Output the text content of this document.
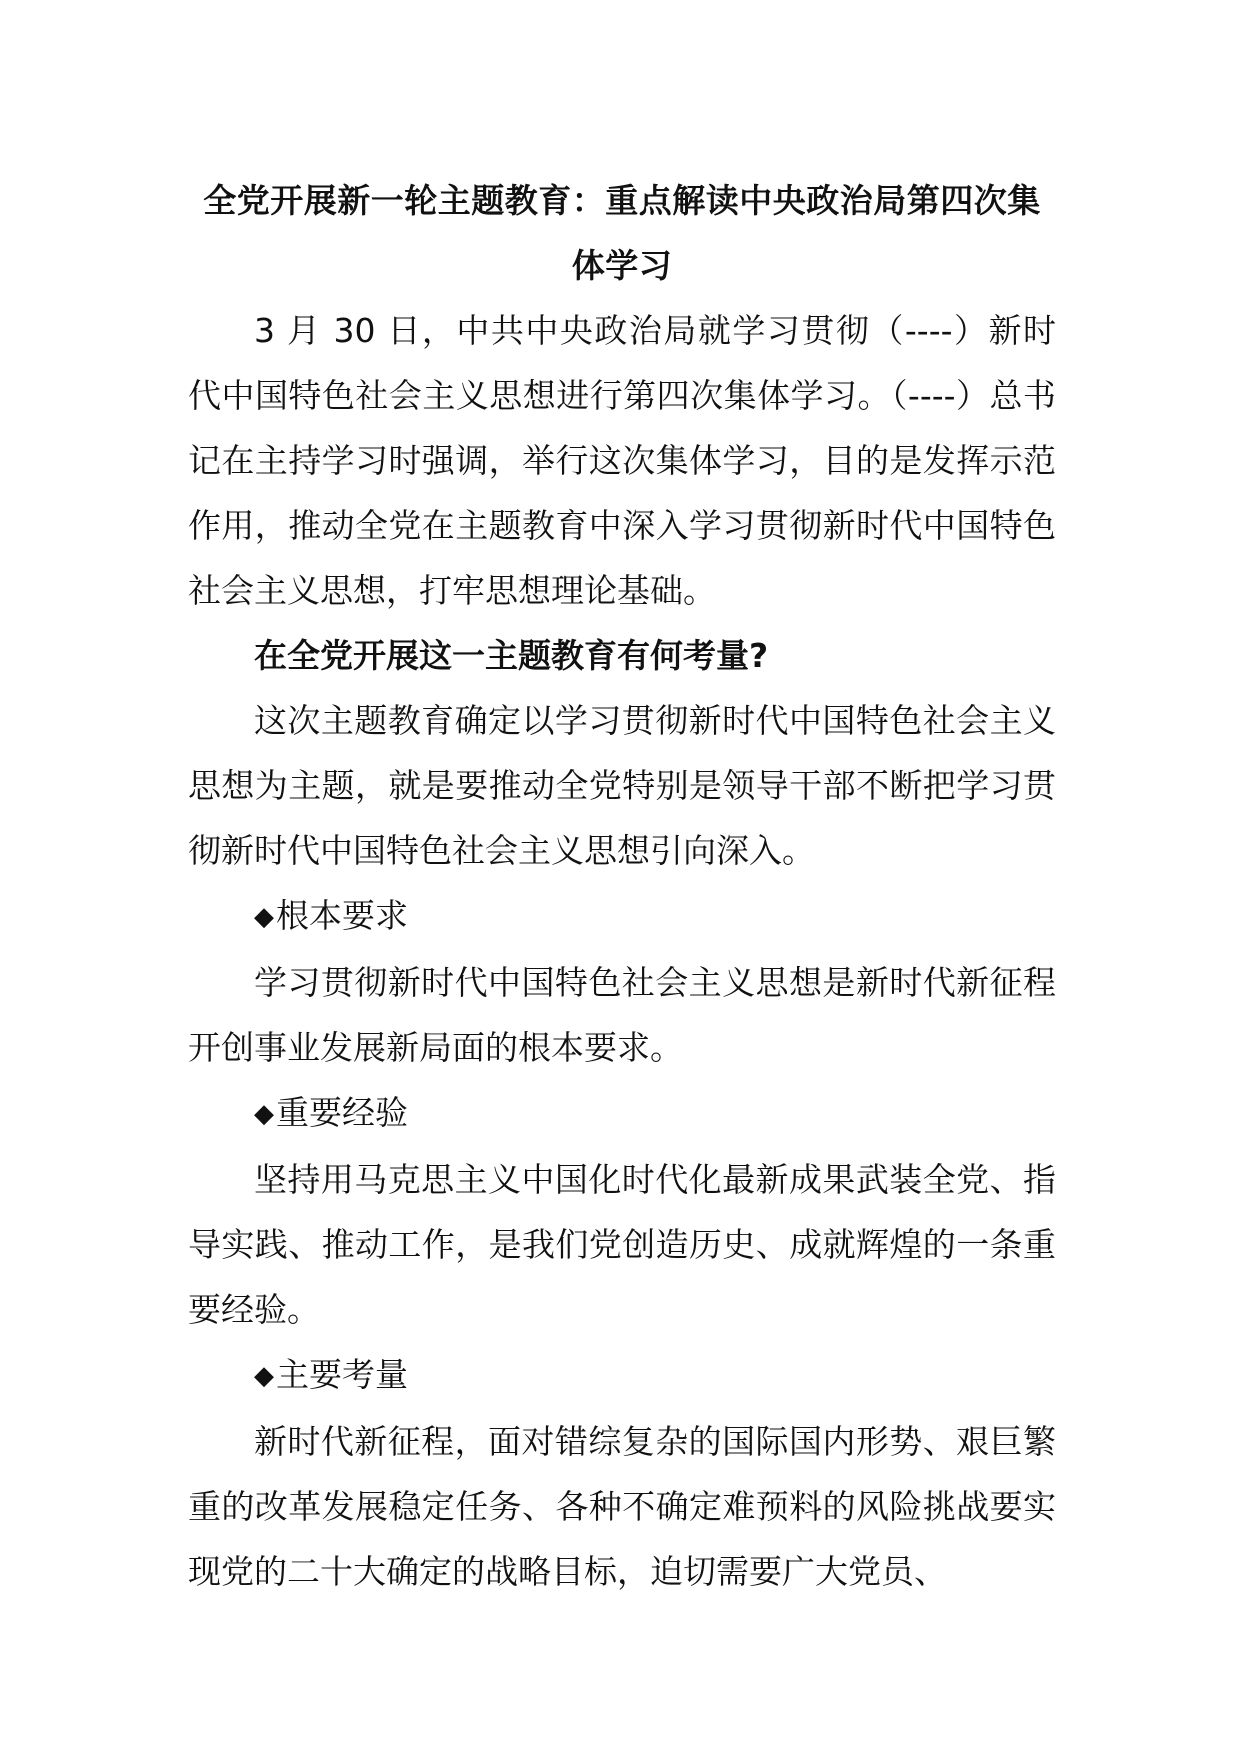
全党开展新一轮主题教育：重点解读中央政治局第四次集体学习

3 月 30 日，中共中央政治局就学习贯彻（----）新时代中国特色社会主义思想进行第四次集体学习。（----）总书记在主持学习时强调，举行这次集体学习，目的是发挥示范作用，推动全党在主题教育中深入学习贯彻新时代中国特色社会主义思想，打牢思想理论基础。

在全党开展这一主题教育有何考量?

这次主题教育确定以学习贯彻新时代中国特色社会主义思想为主题，就是要推动全党特别是领导干部不断把学习贯彻新时代中国特色社会主义思想引向深入。

◆根本要求

学习贯彻新时代中国特色社会主义思想是新时代新征程开创事业发展新局面的根本要求。

◆重要经验

坚持用马克思主义中国化时代化最新成果武装全党、指导实践、推动工作，是我们党创造历史、成就辉煌的一条重要经验。

◆主要考量

新时代新征程，面对错综复杂的国际国内形势、艰巨繁重的改革发展稳定任务、各种不确定难预料的风险挑战要实现党的二十大确定的战略目标，迫切需要广大党员、
